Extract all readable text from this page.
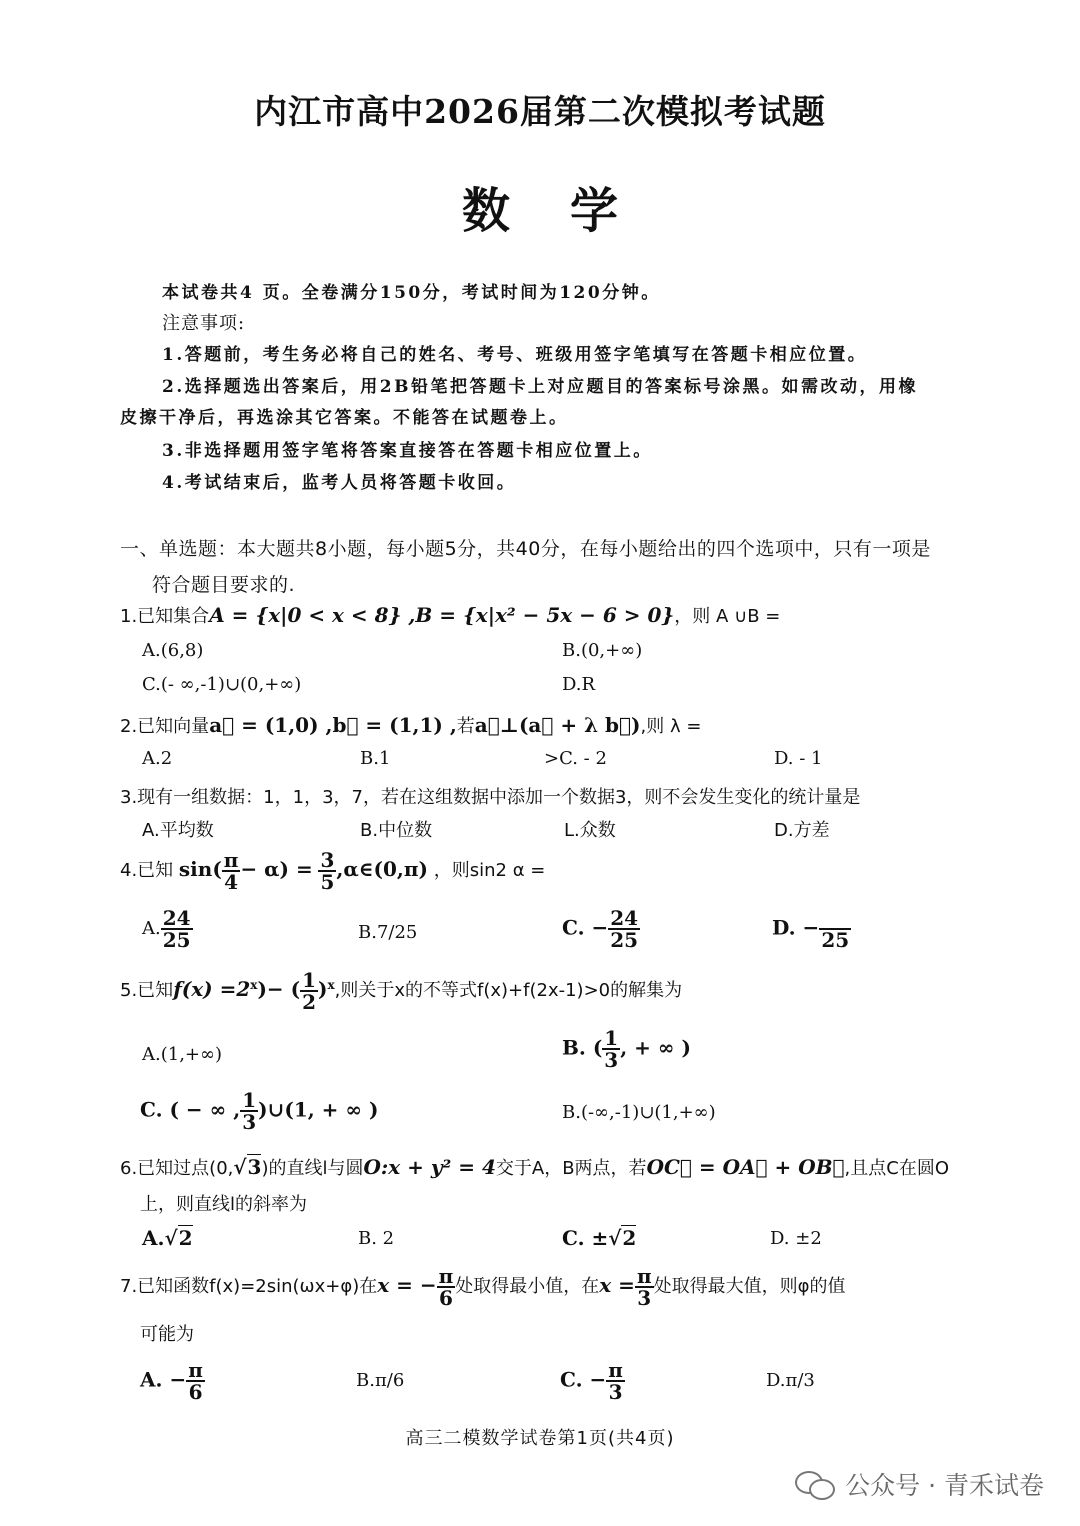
内江市高中2026届第二次模拟考试题
数学
本试卷共4 页。全卷满分150分，考试时间为120分钟。
注意事项:
1.答题前，考生务必将自己的姓名、考号、班级用签字笔填写在答题卡相应位置。
2.选择题选出答案后，用2B铅笔把答题卡上对应题目的答案标号涂黑。如需改动，用橡
皮擦干净后，再选涂其它答案。不能答在试题卷上。
3.非选择题用签字笔将答案直接答在答题卡相应位置上。
4.考试结束后，监考人员将答题卡收回。
一、单选题：本大题共8小题，每小题5分，共40分，在每小题给出的四个选项中，只有一项是
符合题目要求的.
1.已知集合A = {x|0 < x < 8} ,B = {x|x² − 5x − 6 > 0}，则 A ∪B =
A.(6,8)	B.(0,+∞)
C.(- ∞,-1)∪(0,+∞)	D.R
2.已知向量a⃗ = (1,0) ,b⃗ = (1,1) ,若a⃗⊥(a⃗ + λ b⃗),则 λ =
A.2	B.1	>C. - 2	D. - 1
3.现有一组数据：1，1，3，7，若在这组数据中添加一个数据3，则不会发生变化的统计量是
A.平均数	B.中位数	L.众数	D.方差
4.已知 $\sin( \frac{\pi}{4} - \alpha) = \frac{3}{5}$ ,α∈(0,π) ，则sin2 α =
A. $\frac{24}{25}$	B.7/25	C. − $\frac{24}{25}$	D. −
25
5.已知$f(x) =2^x)-$ ( $\frac{1}{2} )^x$,则关于x的不等式f(x)+f(2x-1)>0的解集为
A.(1,+∞)	B. ( $\frac{1}{3}$ , + ∞ )
C. ( − ∞ , $\frac{1}{3}$ )∪(1, + ∞ )	B.(-∞,-1)∪(1,+∞)
6.已知过点(0,√3)的直线l与圆O:x + y² = 4交于A，B两点，若OC⃗ = OA⃗ + OB⃗,且点C在圆O
上，则直线l的斜率为
A.√2	B. 2	C. ±√2	D. ±2
7.已知函数f(x)=2sin(ωx+φ)在x = − $\frac{\pi}{6}$ 处取得最小值，在$x = \frac{\pi}{3}$ 处取得最大值，则φ的值
可能为
A. − $\frac{\pi}{6}$	B.π/6	C. − $\frac{\pi}{3}$	D.π/3
高三二模数学试卷第1页(共4页)
公众号 · 青禾试卷
